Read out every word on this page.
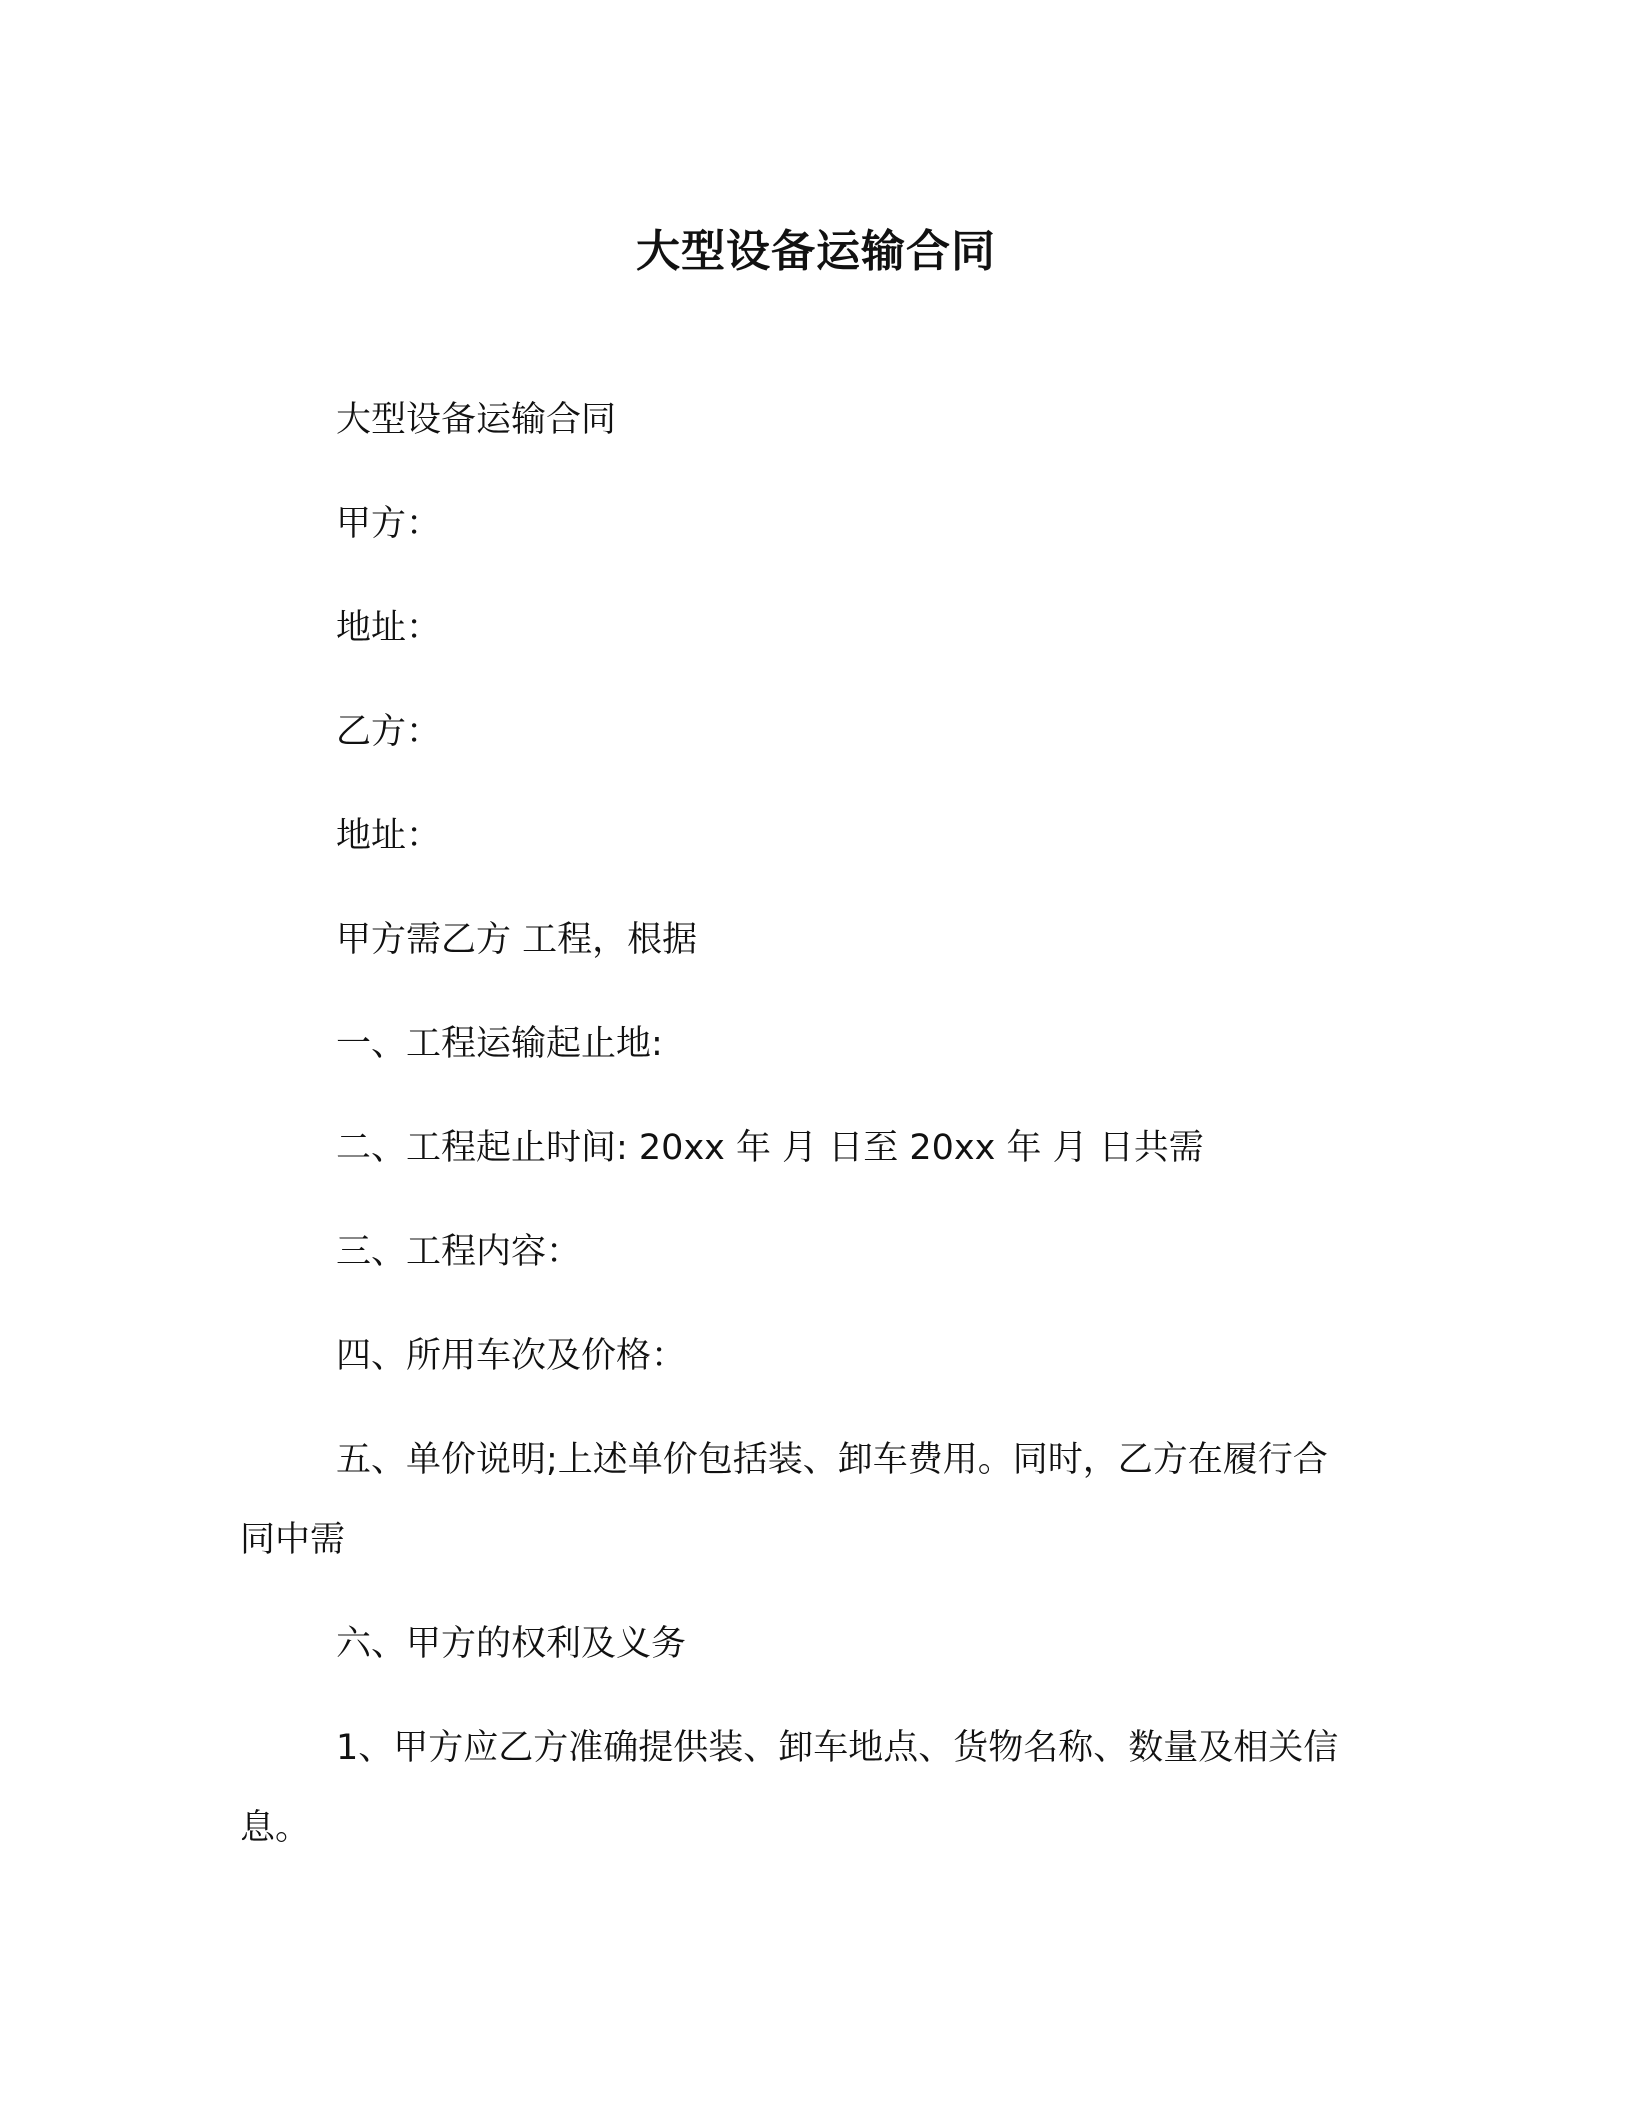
大型设备运输合同
大型设备运输合同
甲方：
地址：
乙方：
地址：
甲方需乙方 工程，根据
一、工程运输起止地:
二、工程起止时间: 20xx 年 月 日至 20xx 年 月 日共需
三、工程内容：
四、所用车次及价格：
五、单价说明;上述单价包括装、卸车费用。同时，乙方在履行合同中需
六、甲方的权利及义务
1、甲方应乙方准确提供装、卸车地点、货物名称、数量及相关信息。
